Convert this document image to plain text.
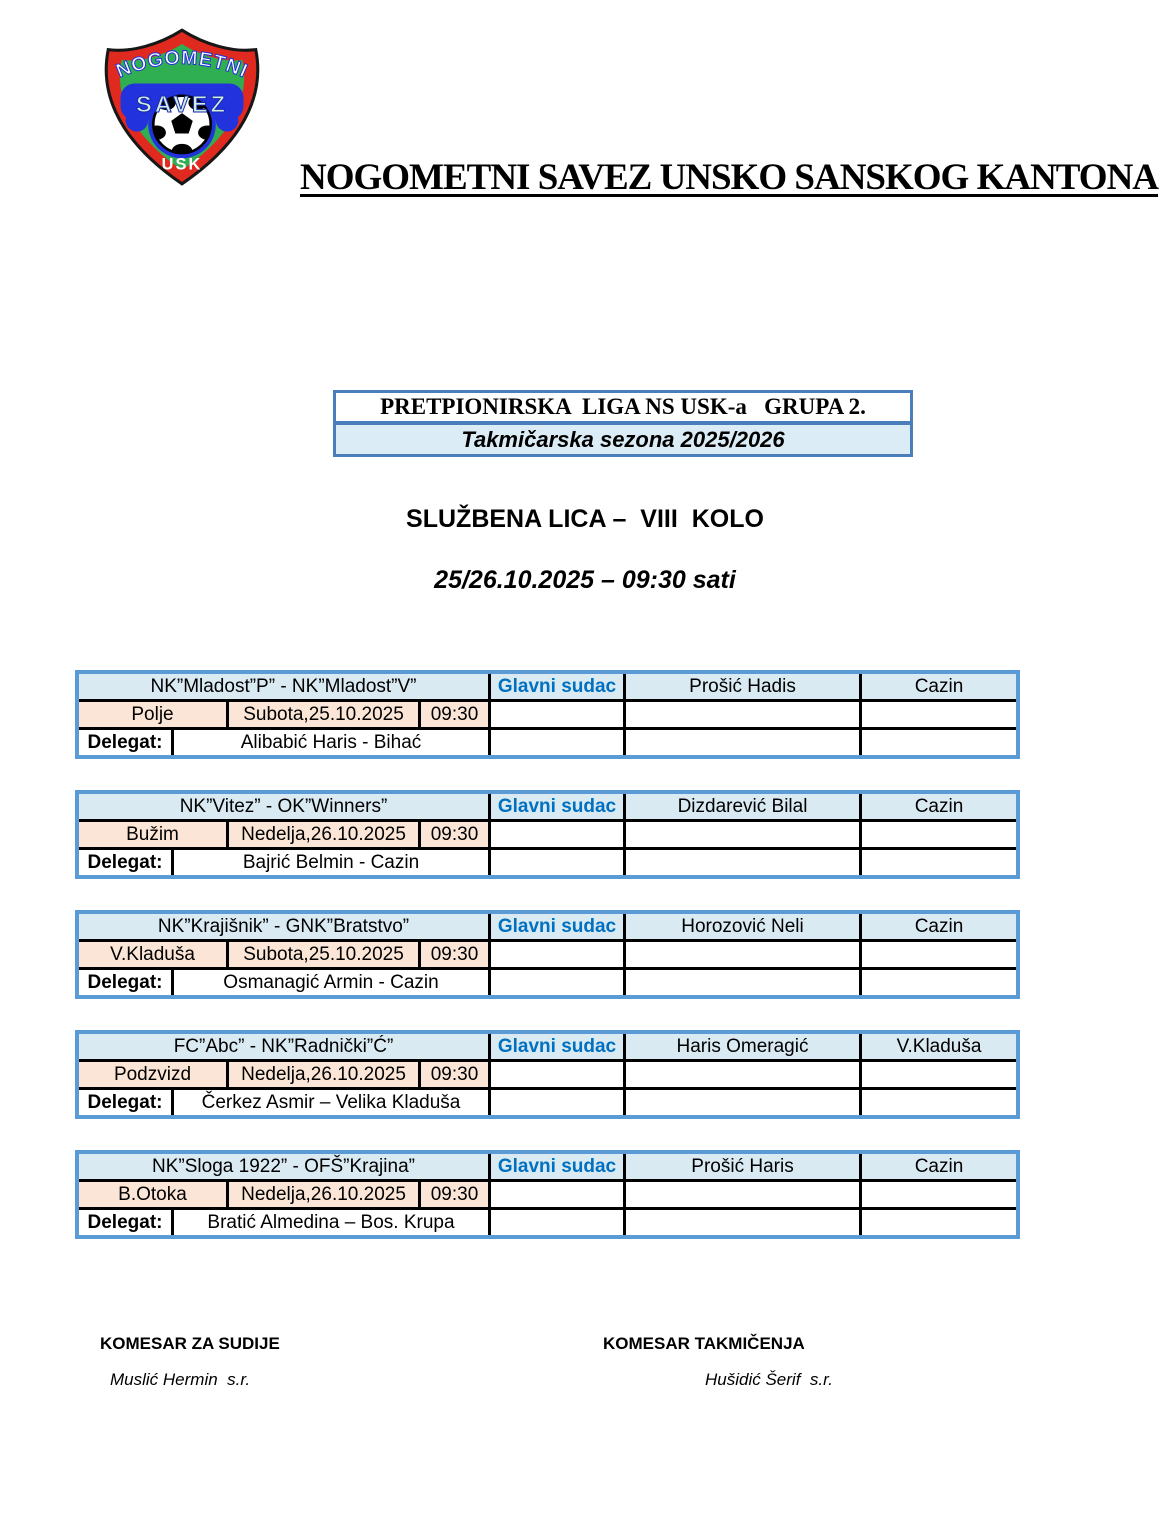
NOGOMETNI
SAVEZ
USK	NOGOMETNI SAVEZ UNSKO SANSKOG KANTONA
PRETPIONIRSKA  LIGA NS USK-a   GRUPA 2.
Takmičarska sezona 2025/2026
SLUŽBENA LICA –  VIII  KOLO
25/26.10.2025 – 09:30 sati
NK”Mladost”P” - NK”Mladost”V”	Glavni sudac	Prošić Hadis	Cazin
Polje	Subota,25.10.2025	09:30
Delegat:	Alibabić Haris - Bihać
NK”Vitez” - OK”Winners”	Glavni sudac	Dizdarević Bilal	Cazin
Bužim	Nedelja,26.10.2025	09:30
Delegat:	Bajrić Belmin - Cazin
NK”Krajišnik” - GNK”Bratstvo”	Glavni sudac	Horozović Neli	Cazin
V.Kladuša	Subota,25.10.2025	09:30
Delegat:	Osmanagić Armin - Cazin
FC”Abc” - NK”Radnički”Ć”	Glavni sudac	Haris Omeragić	V.Kladuša
Podzvizd	Nedelja,26.10.2025	09:30
Delegat:	Čerkez Asmir – Velika Kladuša
NK”Sloga 1922” - OFŠ”Krajina”	Glavni sudac	Prošić Haris	Cazin
B.Otoka	Nedelja,26.10.2025	09:30
Delegat:	Bratić Almedina – Bos. Krupa
KOMESAR ZA SUDIJE
Muslić Hermin  s.r.
KOMESAR TAKMIČENJA
Hušidić Šerif  s.r.
